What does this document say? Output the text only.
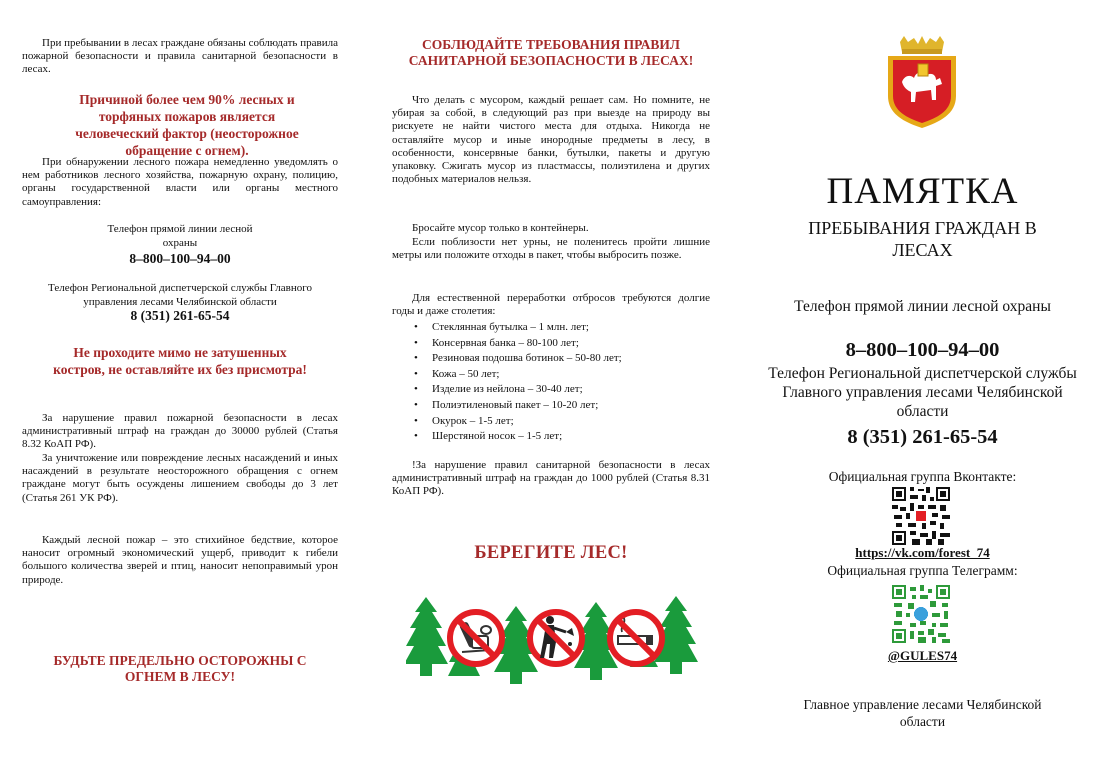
При пребывании в лесах граждане обязаны соблюдать правила пожарной безопасности и правила санитарной безопасности в лесах.

Причиной более чем 90% лесных и торфяных пожаров является человеческий фактор (неосторожное обращение с огнем).

При обнаружении лесного пожара немедленно уведомлять о нем работников лесного хозяйства, пожарную охрану, полицию, органы государственной власти или органы местного самоуправления:

Телефон прямой линии лесной охраны

8–800–100–94–00

Телефон Региональной диспетчерской службы Главного управления лесами Челябинской области

8 (351) 261-65-54

Не проходите мимо не затушенных костров, не оставляйте их без присмотра!

За нарушение правил пожарной безопасности в лесах административный штраф на граждан до 30000 рублей (Статья 8.32 КоАП РФ).

За уничтожение или повреждение лесных насаждений и иных насаждений в результате неосторожного обращения с огнем граждане могут быть осуждены лишением свободы до 3 лет (Статья 261 УК РФ).

Каждый лесной пожар – это стихийное бедствие, которое наносит огромный экономический ущерб, приводит к гибели большого количества зверей и птиц, наносит непоправимый урон природе.

БУДЬТЕ ПРЕДЕЛЬНО ОСТОРОЖНЫ С ОГНЕМ В ЛЕСУ!

СОБЛЮДАЙТЕ ТРЕБОВАНИЯ ПРАВИЛ САНИТАРНОЙ БЕЗОПАСНОСТИ В ЛЕСАХ!

Что делать с мусором, каждый решает сам. Но помните, не убирая за собой, в следующий раз при выезде на природу вы рискуете не найти чистого места для отдыха. Никогда не оставляйте мусор и иные инородные предметы в лесу, в особенности, консервные банки, бутылки, пакеты и другую упаковку. Сжигать мусор из пластмассы, полиэтилена и других подобных материалов нельзя.

Бросайте мусор только в контейнеры.

Если поблизости нет урны, не поленитесь пройти лишние метры или положите отходы в пакет, чтобы выбросить позже.

Для естественной переработки отбросов требуются долгие годы и даже столетия:

• Стеклянная бутылка – 1 млн. лет;
• Консервная банка – 80-100 лет;
• Резиновая подошва ботинок – 50-80 лет;
• Кожа – 50 лет;
• Изделие из нейлона – 30-40 лет;
• Полиэтиленовый пакет – 10-20 лет;
• Окурок – 1-5 лет;
• Шерстяной носок – 1-5 лет;

!За нарушение правил санитарной безопасности в лесах административный штраф на граждан до 1000 рублей (Статья 8.31 КоАП РФ).

БЕРЕГИТЕ ЛЕС!

ПАМЯТКА

ПРЕБЫВАНИЯ ГРАЖДАН В ЛЕСАХ

Телефон прямой линии лесной охраны

8–800–100–94–00

Телефон Региональной диспетчерской службы Главного управления лесами Челябинской области

8 (351) 261-65-54

Официальная группа Вконтакте:

https://vk.com/forest_74

Официальная группа Телеграмм:

@GULES74

Главное управление лесами Челябинской области
